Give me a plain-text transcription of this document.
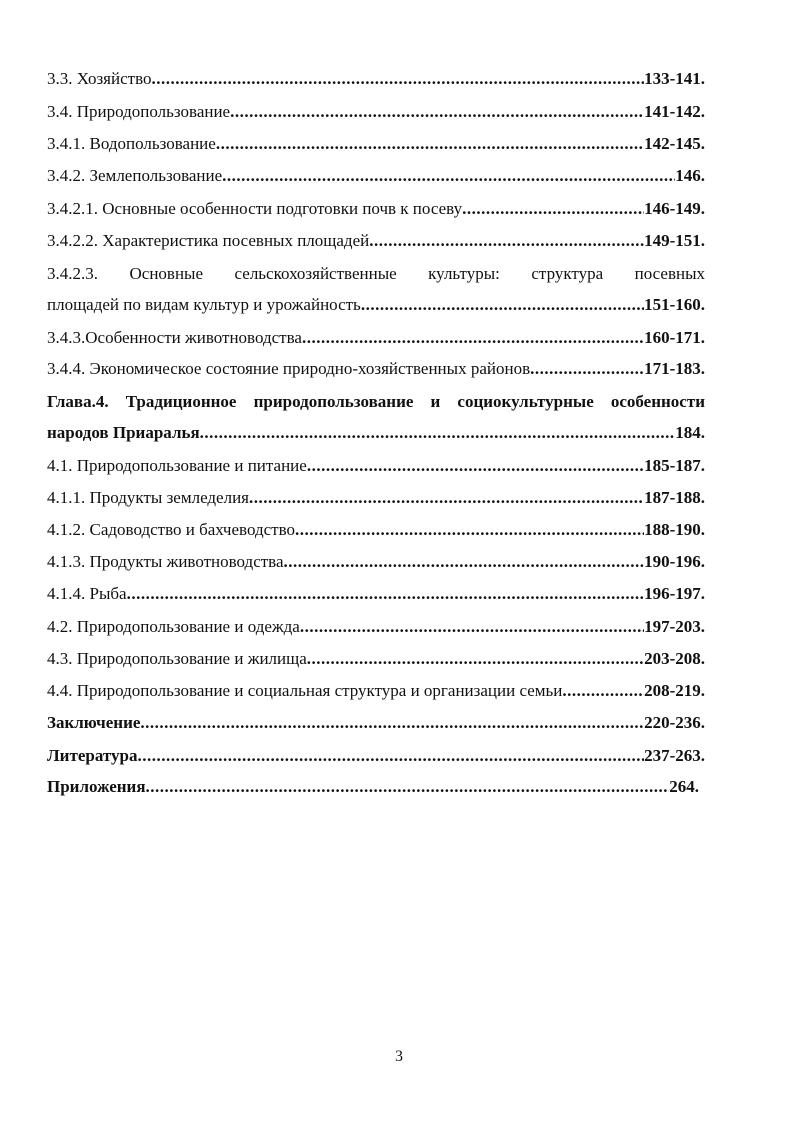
3.3. Хозяйство .....	133-141.
3.4. Природопользование .....	141-142.
3.4.1. Водопользование .....	142-145.
3.4.2. Землепользование .....	146.
3.4.2.1. Основные особенности подготовки почв к посеву .....	146-149.
3.4.2.2. Характеристика посевных площадей .....	149-151.
3.4.2.3. Основные сельскохозяйственные культуры: структура посевных
площадей по видам культур и урожайность .....	151-160.
3.4.3.Особенности животноводства .....	160-171.
3.4.4. Экономическое состояние природно-хозяйственных районов .....	171-183.
Глава.4. Традиционное природопользование и социокультурные особенности
народов Приаралья .....	184.
4.1. Природопользование и питание .....	185-187.
4.1.1. Продукты земледелия .....	187-188.
4.1.2. Садоводство и бахчеводство .....	188-190.
4.1.3. Продукты животноводства .....	190-196.
4.1.4. Рыба .....	196-197.
4.2. Природопользование и одежда .....	197-203.
4.3. Природопользование и жилища .....	203-208.
4.4. Природопользование и социальная структура и организации семьи .....	208-219.
Заключение .....	220-236.
Литература .....	237-263.
Приложения .....	264.
3
